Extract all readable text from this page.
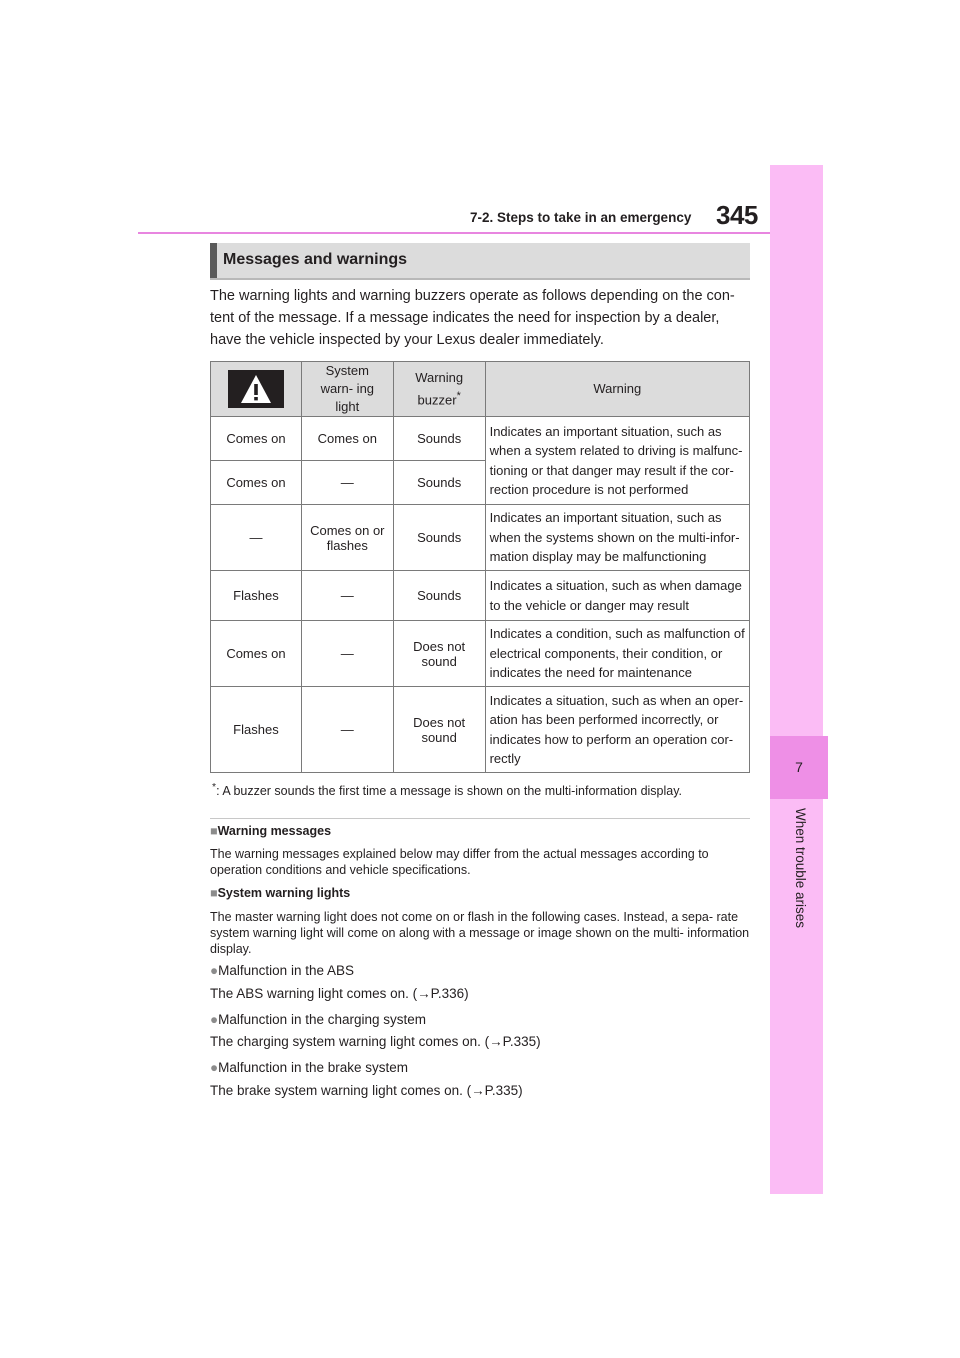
7-2. Steps to take in an emergency 345
7
When trouble arises
Messages and warnings
The warning lights and warning buzzers operate as follows depending on the con- tent of the message. If a message indicates the need for inspection by a dealer, have the vehicle inspected by your Lexus dealer immediately.
	System warn- ing light	Warning buzzer*	Warning
Comes on	Comes on	Sounds	Indicates an important situation, such as when a system related to driving is malfunc- tioning or that danger may result if the cor- rection procedure is not performed
Comes on	—	Sounds	
—	Comes on or flashes	Sounds	Indicates an important situation, such as when the systems shown on the multi-infor- mation display may be malfunctioning
Flashes	—	Sounds	Indicates a situation, such as when damage to the vehicle or danger may result
Comes on	—	Does not sound	Indicates a condition, such as malfunction of electrical components, their condition, or indicates the need for maintenance
Flashes	—	Does not sound	Indicates a situation, such as when an oper- ation has been performed incorrectly, or indicates how to perform an operation cor- rectly
*: A buzzer sounds the first time a message is shown on the multi-information display.
■Warning messages
The warning messages explained below may differ from the actual messages according to operation conditions and vehicle specifications.
■System warning lights
The master warning light does not come on or flash in the following cases. Instead, a sepa- rate system warning light will come on along with a message or image shown on the multi- information display.
●Malfunction in the ABS
The ABS warning light comes on. (→P.336)
●Malfunction in the charging system
The charging system warning light comes on. (→P.335)
●Malfunction in the brake system
The brake system warning light comes on. (→P.335)
